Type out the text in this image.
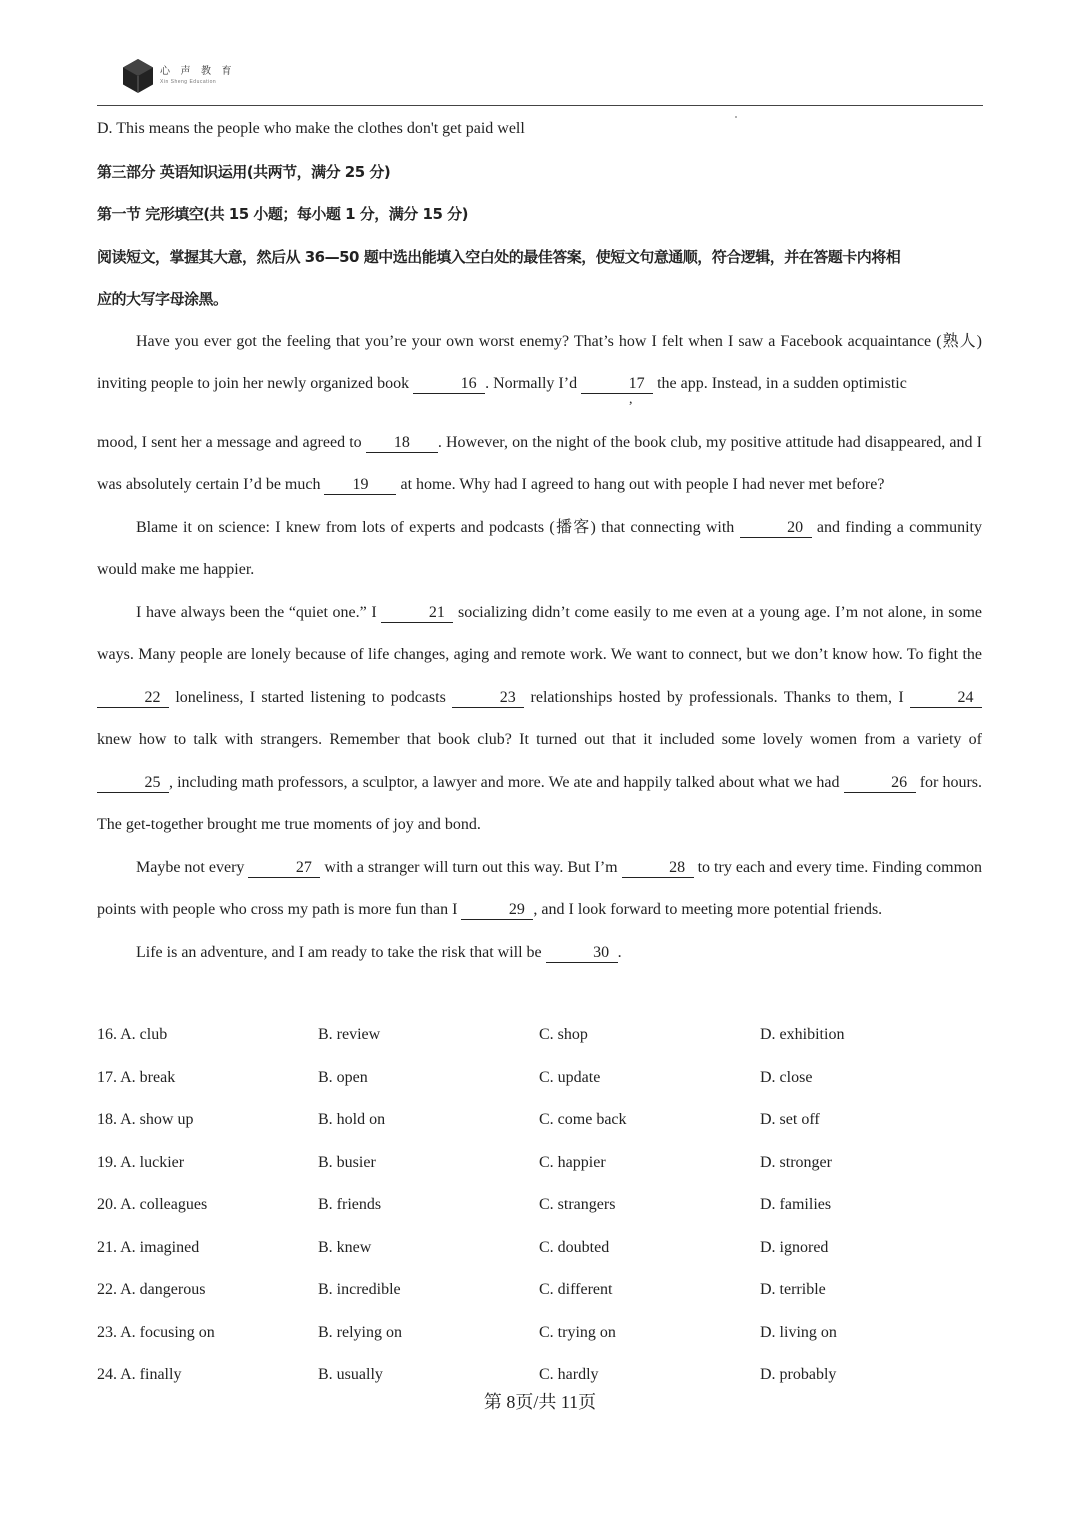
心 声 教 育
Xin Sheng Education
D. This means the people who make the clothes don't get paid well
第三部分 英语知识运用(共两节，满分 25 分)
第一节 完形填空(共 15 小题；每小题 1 分，满分 15 分)
阅读短文，掌握其大意，然后从 36—50 题中选出能填入空白处的最佳答案，使短文句意通顺，符合逻辑，并在答题卡内将相
应的大写字母涂黑。

Have you ever got the feeling that you’re your own worst enemy? That’s how I felt when I saw a Facebook acquaintance (熟人) inviting people to join her newly organized book	16 . Normally I’d	17 the app. Instead, in a sudden optimistic
,

mood, I sent her a message and agreed to 18 . However, on the night of the book club, my positive attitude had disappeared, and I was absolutely certain I’d be much 19 at home. Why had I agreed to hang out with people I had never met before?

Blame it on science: I knew from lots of experts and podcasts (播客) that connecting with	20 and finding a community would make me happier.

I have always been the “quiet one.” I	21 socializing didn’t come easily to me even at a young age. I’m not alone, in some ways. Many people are lonely because of life changes, aging and remote work. We want to connect, but we don’t know how. To fight the 22 loneliness, I started listening to podcasts	23 relationships hosted by professionals. Thanks to them, I	24 knew how to talk with strangers. Remember that book club? It turned out that it included some lovely women from a variety of 25 , including math professors, a sculptor, a lawyer and more. We ate and happily talked about what we had	26 for hours. The get-together brought me true moments of joy and bond.

Maybe not every	27 with a stranger will turn out this way. But I’m	28 to try each and every time. Finding common points with people who cross my path is more fun than I	29 , and I look forward to meeting more potential friends.

Life is an adventure, and I am ready to take the risk that will be	30 .

16. A. club	B. review	C. shop	D. exhibition
17. A. break	B. open	C. update	D. close
18. A. show up	B. hold on	C. come back	D. set off
19. A. luckier	B. busier	C. happier	D. stronger
20. A. colleagues	B. friends	C. strangers	D. families
21. A. imagined	B. knew	C. doubted	D. ignored
22. A. dangerous	B. incredible	C. different	D. terrible
23. A. focusing on	B. relying on	C. trying on	D. living on
24. A. finally	B. usually	C. hardly	D. probably
第 8页/共 11页
